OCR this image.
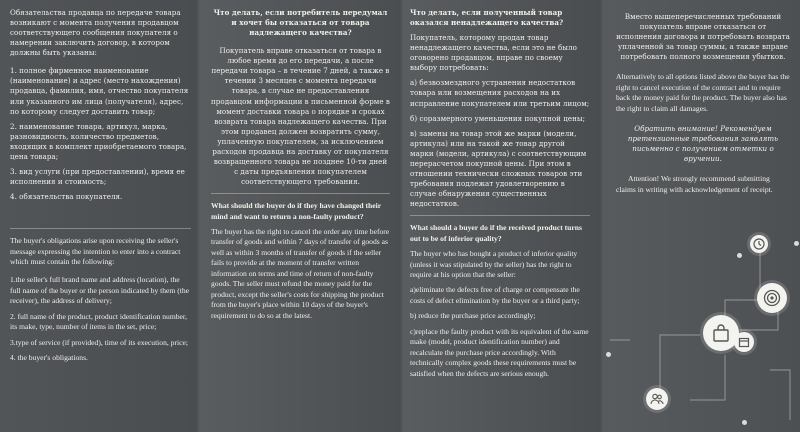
Обязательства продавца по передаче товара возникают с момента получения продавцом соответствующего сообщения покупателя о намерении заключить договор, в котором должны быть указаны:

1. полное фирменное наименование (наименование) и адрес (место нахождения) продавца, фамилия, имя, отчество покупателя или указанного им лица (получателя), адрес, по которому следует доставить товар;

2. наименование товара, артикул, марка, разновидность, количество предметов, входящих в комплект приобретаемого товара, цена товара;

3. вид услуги (при предоставлении), время ее исполнения и стоимость;

4. обязательства покупателя.

The buyer's obligations arise upon receiving the seller's message expressing the intention to enter into a contract which must contain the following:

1.the seller's full brand name and address (location), the full name of the buyer or the person indicated by them (the receiver), the address of delivery;

2. full name of the product, product identification number, its make, type, number of items in the set, price;

3.type of service (if provided), time of its execution, price;

4. the buyer's obligations.

Что делать, если потребитель передумал и хочет бы отказаться от товара надлежащего качества?

Покупатель вправе отказаться от товара в любое время до его передачи, а после передачи товара – в течение 7 дней, а также в течении 3 месяцев с момента передачи товара, в случае не предоставления продавцом информации в письменной форме в момент доставки товара о порядке и сроках возврата товара надлежащего качества. При этом продавец должен возвратить сумму, уплаченную покупателем, за исключением расходов продавца на доставку от покупателя возвращенного товара не позднее 10-ти дней с даты предъявления покупателем соответствующего требования.

What should the buyer do if they have changed their mind and want to return a non-faulty product?

The buyer has the right to cancel the order any time before transfer of goods and within 7 days of transfer of goods as well as within 3 months of transfer of goods if the seller fails to provide at the moment of transfer written information on terms and time of return of non-faulty goods. The seller must refund the money paid for the product, except the seller's costs for shipping the product from the buyer's place within 10 days of the buyer's requirement to do so at the latest.

Что делать, если полученный товар оказался ненадлежащего качества?

Покупатель, которому продан товар ненадлежащего качества, если это не было оговорено продавцом, вправе по своему выбору потребовать:

а) безвозмездного устранения недостатков товара или возмещения расходов на их исправление покупателем или третьим лицом;

б) соразмерного уменьшения покупной цены;

в) замены на товар этой же марки (модели, артикула) или на такой же товар другой марки (модели, артикула) с соответствующим перерасчетом покупной цены. При этом в отношении технически сложных товаров эти требования подлежат удовлетворению в случае обнаружения существенных недостатков.

What should a buyer do if the received product turns out to be of inferior quality?

The buyer who has bought a product of inferior quality (unless it was stipulated by the seller) has the right to require at his option that the seller:

a)eliminate the defects free of charge or compensate the costs of defect elimination by the buyer or a third party;

b) reduce the purchase price accordingly;

c)replace the faulty product with its equivalent of the same make (model, product identification number) and recalculate the purchase price accordingly. With technically complex goods these requirements must be satisfied when the defects are serious enough.

Вместо вышеперечисленных требований покупатель вправе отказаться от исполнения договора и потребовать возврата уплаченной за товар суммы, а также вправе потребовать полного возмещения убытков.

Alternatively to all options listed above the buyer has the right to cancel execution of the contract and to require back the money paid for the product. The buyer also has the right to claim all damages.

Обратить внимание! Рекомендуем претензионные требования заявлять письменно с получением отметки о вручении.

Attention! We strongly recommend submitting claims in writing with acknowledgement of receipt.
